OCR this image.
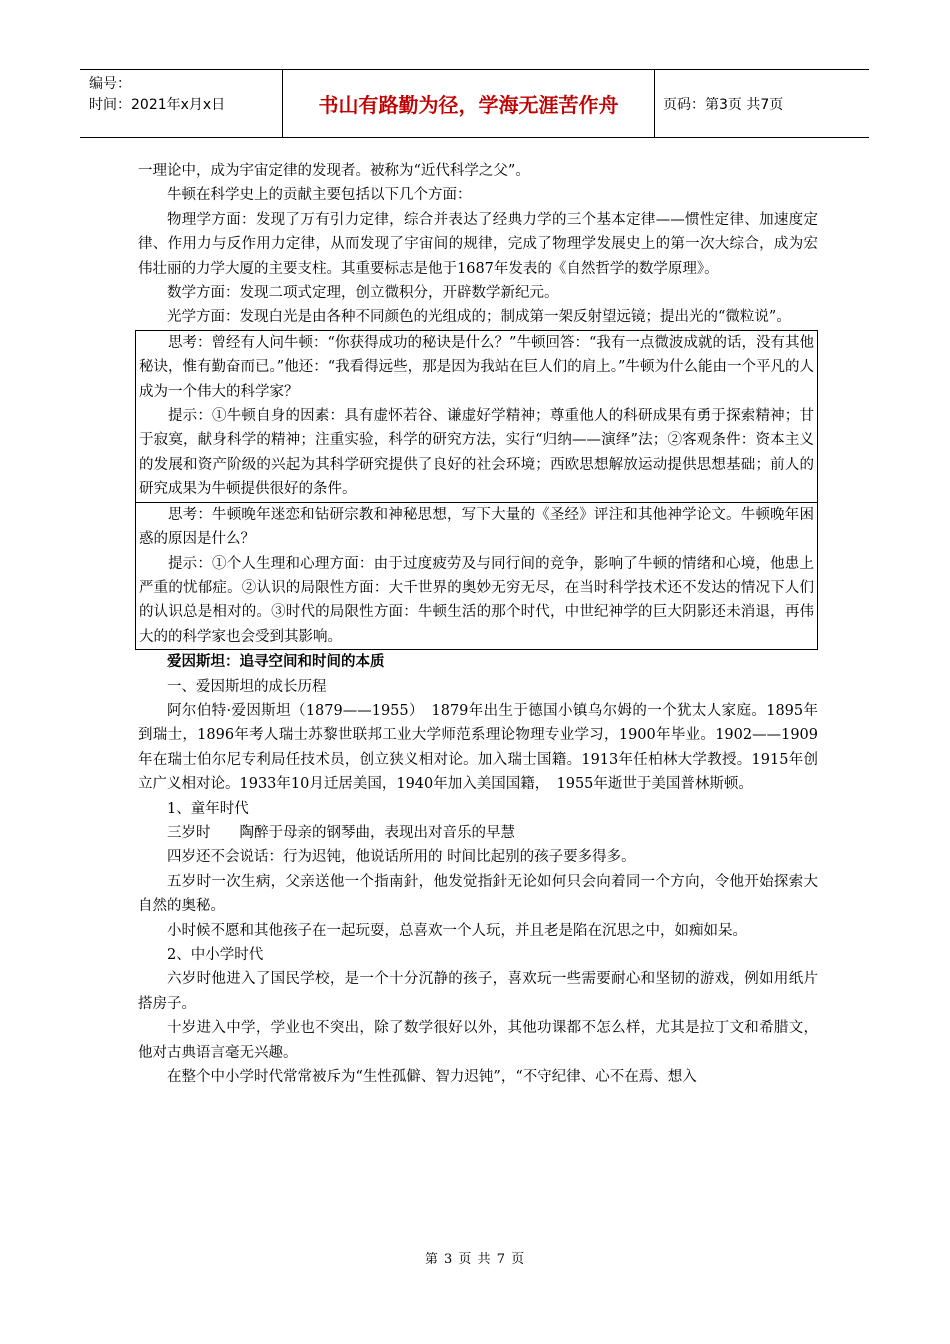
编号：
时间：2021年x月x日	书山有路勤为径，学海无涯苦作舟	页码：第3页 共7页

一理论中，成为宇宙定律的发现者。被称为“近代科学之父”。

牛顿在科学史上的贡献主要包括以下几个方面：

物理学方面：发现了万有引力定律，综合并表达了经典力学的三个基本定律——惯性定律、加速度定律、作用力与反作用力定律，从而发现了宇宙间的规律，完成了物理学发展史上的第一次大综合，成为宏伟壮丽的力学大厦的主要支柱。其重要标志是他于1687年发表的《自然哲学的数学原理》。

数学方面：发现二项式定理，创立微积分，开辟数学新纪元。

光学方面：发现白光是由各种不同颜色的光组成的；制成第一架反射望远镜；提出光的“微粒说”。

思考：曾经有人问牛顿：“你获得成功的秘诀是什么？”牛顿回答：“我有一点微波成就的话，没有其他秘诀，惟有勤奋而已。”他还：“我看得远些，那是因为我站在巨人们的肩上。”牛顿为什么能由一个平凡的人成为一个伟大的科学家？

提示：①牛顿自身的因素：具有虚怀若谷、谦虚好学精神；尊重他人的科研成果有勇于探索精神；甘于寂寞，献身科学的精神；注重实验，科学的研究方法，实行“归纳——演绎”法；②客观条件：资本主义的发展和资产阶级的兴起为其科学研究提供了良好的社会环境；西欧思想解放运动提供思想基础；前人的研究成果为牛顿提供很好的条件。

思考：牛顿晚年迷恋和钻研宗教和神秘思想，写下大量的《圣经》评注和其他神学论文。牛顿晚年困惑的原因是什么？

提示：①个人生理和心理方面：由于过度疲劳及与同行间的竞争，影响了牛顿的情绪和心境，他患上严重的忧郁症。②认识的局限性方面：大千世界的奥妙无穷无尽，在当时科学技术还不发达的情况下人们的认识总是相对的。③时代的局限性方面：牛顿生活的那个时代，中世纪神学的巨大阴影还未消退，再伟大的的科学家也会受到其影响。

爱因斯坦：追寻空间和时间的本质

一、爱因斯坦的成长历程

阿尔伯特·爱因斯坦（1879——1955）　1879年出生于德国小镇乌尔姆的一个犹太人家庭。1895年到瑞士，1896年考人瑞士苏黎世联邦工业大学师范系理论物理专业学习，1900年毕业。1902——1909年在瑞士伯尔尼专利局任技术员，创立狭义相对论。加入瑞士国籍。1913年任柏林大学教授。1915年创立广义相对论。1933年10月迁居美国，1940年加入美国国籍，　1955年逝世于美国普林斯顿。

1、童年时代

三岁时　　陶醉于母亲的钢琴曲，表现出对音乐的早慧

四岁还不会说话：行为迟钝，他说话所用的 时间比起别的孩子要多得多。

五岁时一次生病，父亲送他一个指南針，他发觉指針无论如何只会向着同一个方向，令他开始探索大自然的奥秘。

小时候不愿和其他孩子在一起玩耍，总喜欢一个人玩，并且老是陷在沉思之中，如痴如呆。

2、中小学时代

六岁时他进入了国民学校，是一个十分沉静的孩子，喜欢玩一些需要耐心和坚韧的游戏，例如用纸片搭房子。

十岁进入中学，学业也不突出，除了数学很好以外，其他功课都不怎么样，尤其是拉丁文和希腊文，他对古典语言毫无兴趣。

在整个中小学时代常常被斥为“生性孤僻、智力迟钝”，“不守纪律、心不在焉、想入

第 3 页 共 7 页
